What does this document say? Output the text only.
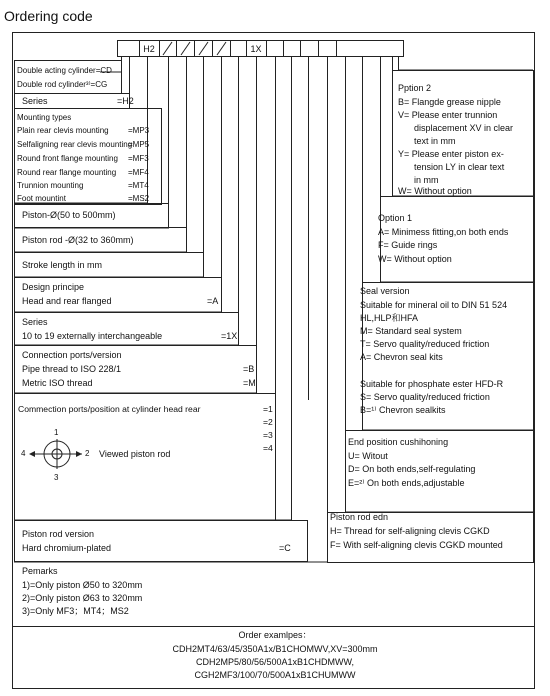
Ordering code
H2	1X
Double acting cylinder=CD
Double rod cylinder³⁾=CG
Series	=H2
Mounting types
Plain rear clevis mounting =MP3
Selfaligning rear clevis mounting
=MP5
Round front flange mounting =MF3
Round rear flange mounting =MF4
Trunnion mounting	=MT4
Foot mountint	=MS2
Piston-Ø(50 to 500mm)
Piston rod -Ø(32 to 360mm)
Stroke length in mm
Design principe
Head and rear flanged	=A
Series
10 to 19 externally interchangeable	=1X
Connection ports/version
Pipe thread to ISO 228/1	=B
Metric ISO thread	=M
Commection ports/position at cylinder head rear	=1
=2
=3
=4
1
2
3
4	Viewed piston rod
Piston rod version
Hard chromium-plated	=C
Pemarks
1)=Only piston Ø50 to 320mm
2)=Only piston Ø63 to 320mm
3)=Only MF3；MT4；MS2
Pption 2
B= Flangde grease nipple
V= Please enter trunnion
displacement XV in clear
text in mm
Y= Please enter piston ex-
tension LY in clear text
in mm
W= Without option
Option 1
A= Minimess fitting,on both ends
F= Guide rings
W= Without option
Seal version
Suitable for mineral oil to DIN 51 524
HL,HLP和HFA
M= Standard seal system
T= Servo quality/reduced friction
A= Chevron seal kits
Suitable for phosphate ester HFD-R
S= Servo quality/reduced friction
B=¹⁾ Chevron sealkits
End position cushihoning
U= Witout
D= On both ends,self-regulating
E=²⁾ On both ends,adjustable
Piston rod edn
H= Thread for self-aligning clevis CGKD
F= With self-aligning clevis CGKD mounted
Order examlpes：
CDH2MT4/63/45/350A1x/B1CHOMWV,XV=300mm
CDH2MP5/80/56/500A1xB1CHDMWW,
CGH2MF3/100/70/500A1xB1CHUMWW
